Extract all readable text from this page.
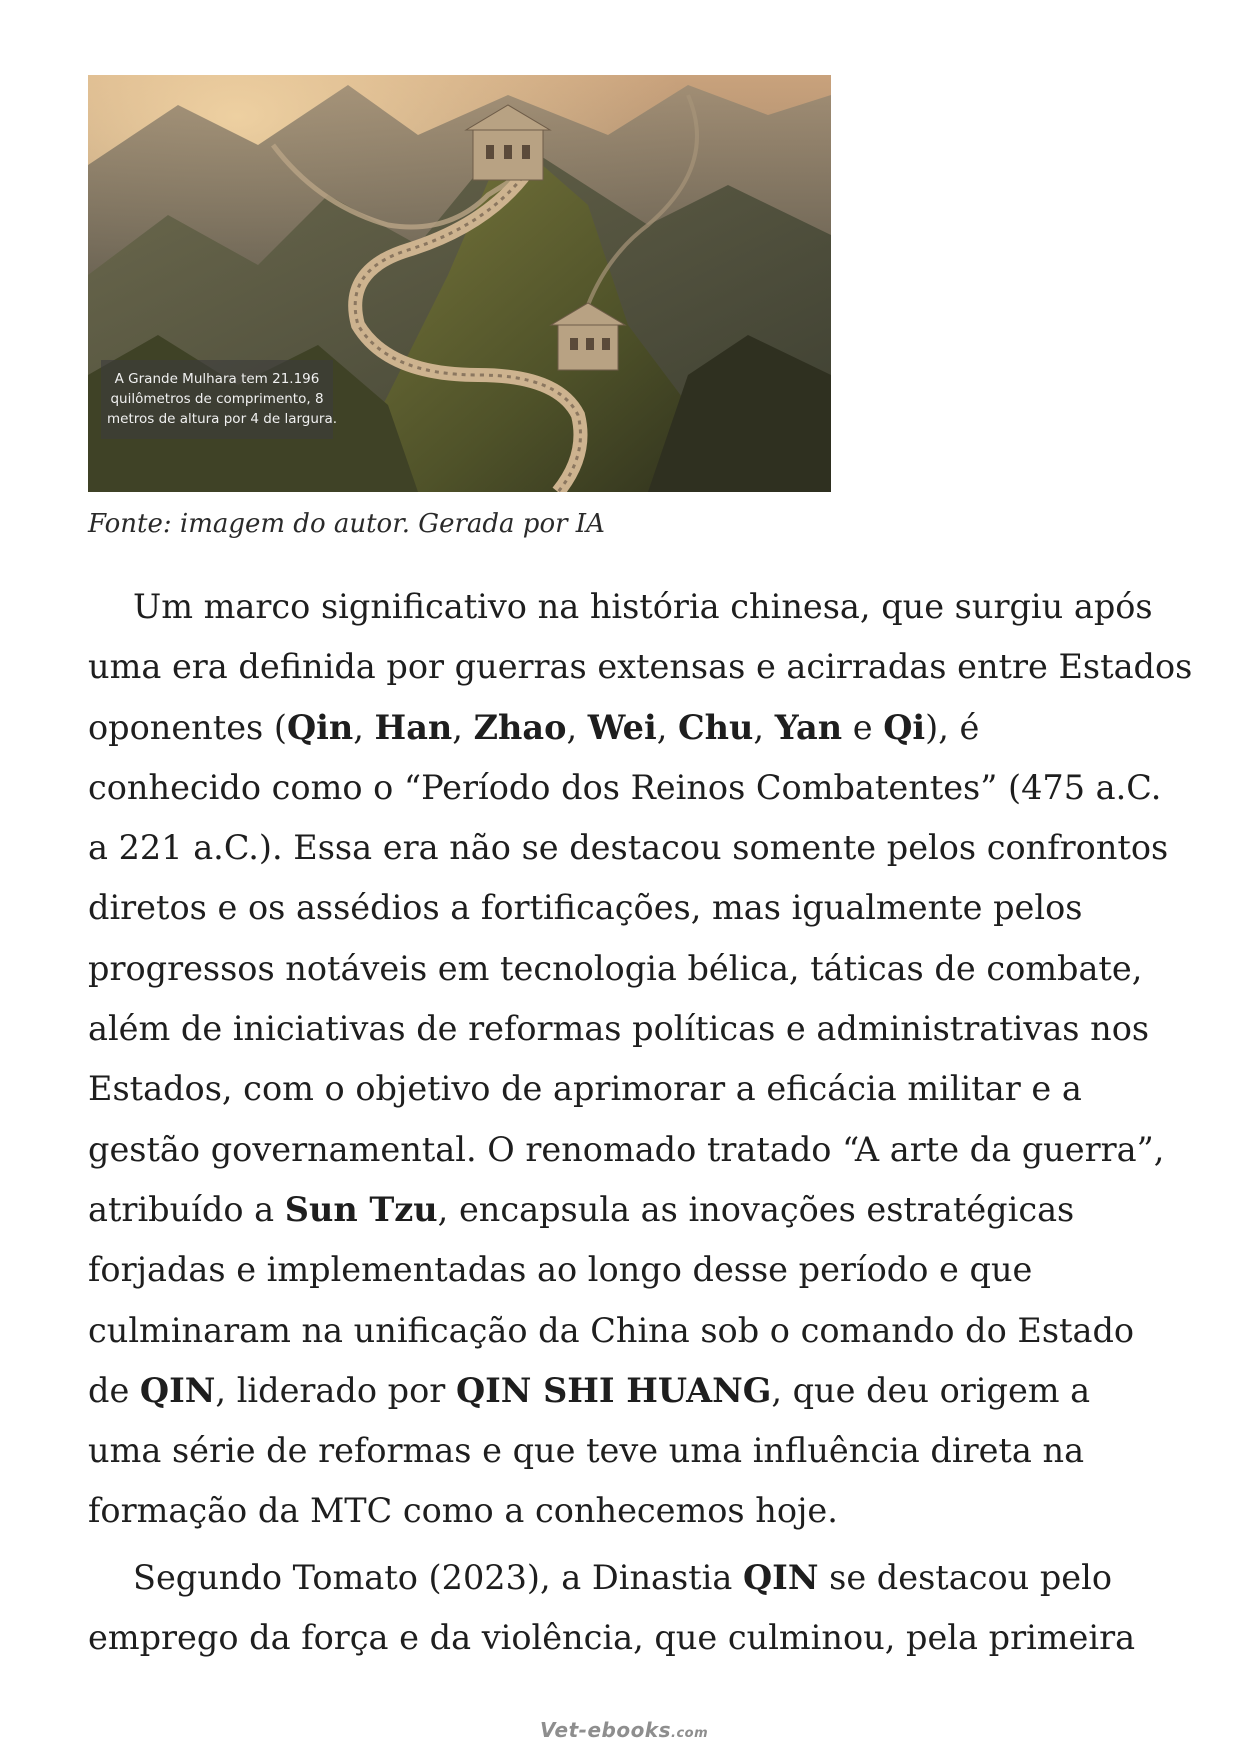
A Grande Mulhara tem 21.196
quilômetros de comprimento, 8
metros de altura por 4 de largura.
Fonte: imagem do autor. Gerada por IA
Um marco significativo na história chinesa, que surgiu após
uma era definida por guerras extensas e acirradas entre Estados
oponentes (Qin, Han, Zhao, Wei, Chu, Yan e Qi), é
conhecido como o “Período dos Reinos Combatentes” (475 a.C.
a 221 a.C.). Essa era não se destacou somente pelos confrontos
diretos e os assédios a fortificações, mas igualmente pelos
progressos notáveis em tecnologia bélica, táticas de combate,
além de iniciativas de reformas políticas e administrativas nos
Estados, com o objetivo de aprimorar a eficácia militar e a
gestão governamental. O renomado tratado “A arte da guerra”,
atribuído a Sun Tzu, encapsula as inovações estratégicas
forjadas e implementadas ao longo desse período e que
culminaram na unificação da China sob o comando do Estado
de QIN, liderado por QIN SHI HUANG, que deu origem a
uma série de reformas e que teve uma influência direta na
formação da MTC como a conhecemos hoje.
Segundo Tomato (2023), a Dinastia QIN se destacou pelo
emprego da força e da violência, que culminou, pela primeira
Vet-ebooks.com
